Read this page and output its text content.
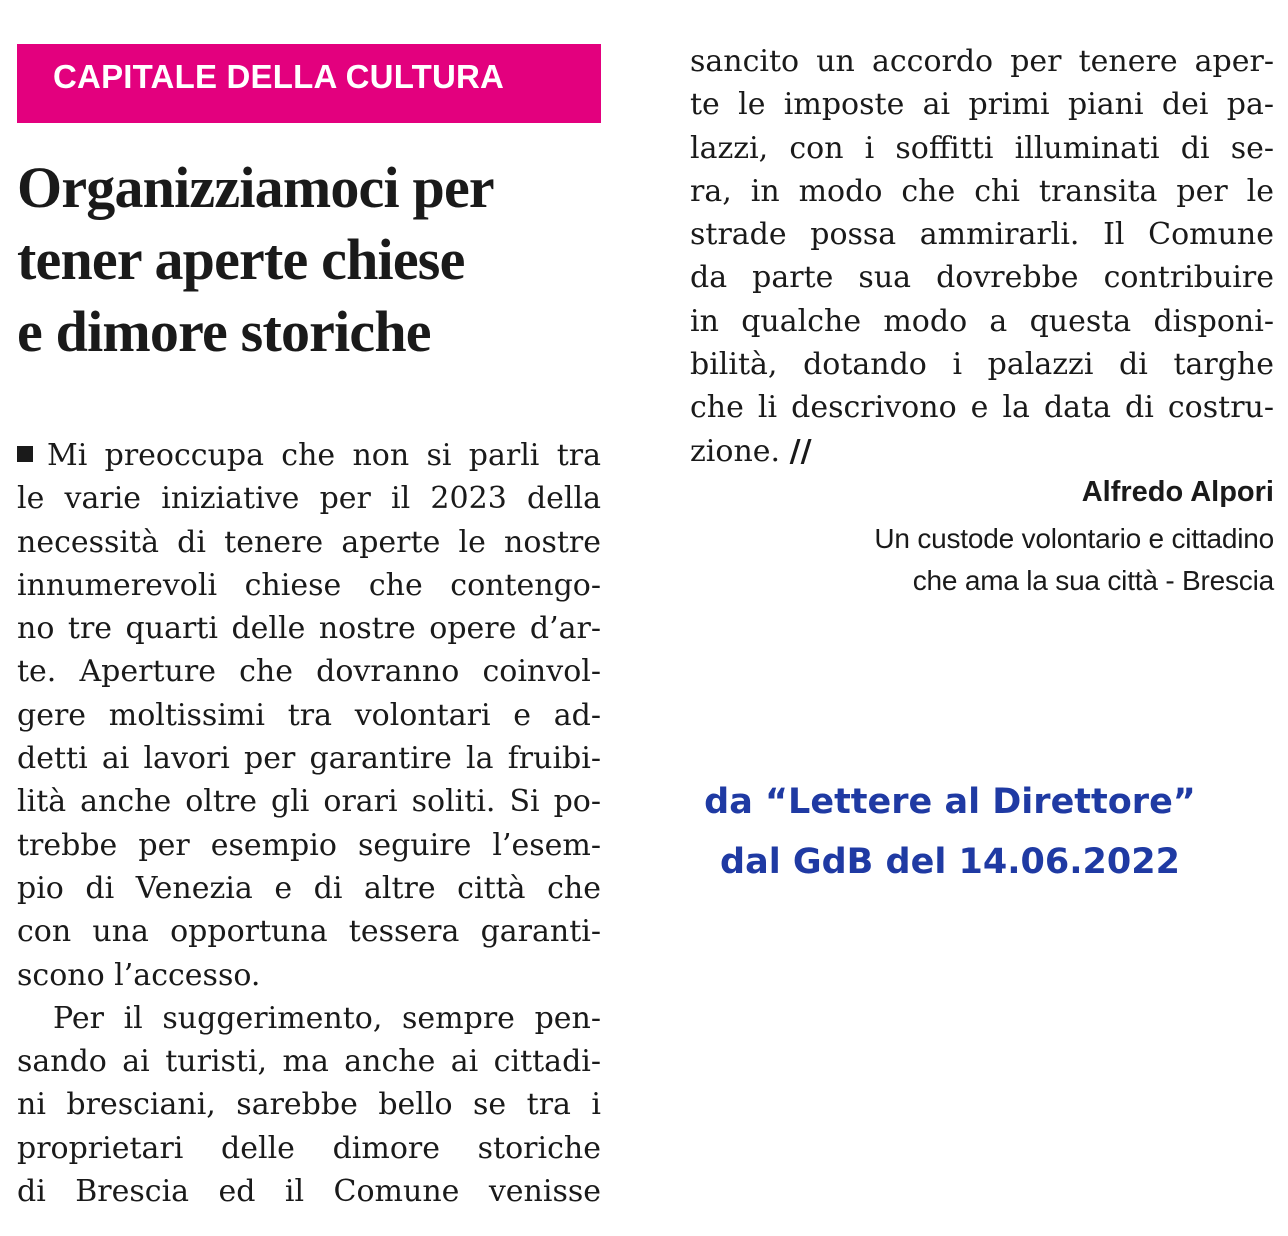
CAPITALE DELLA CULTURA
Organizziamoci per
tener aperte chiese
e dimore storiche
Mi preoccupa che non si parli tra
le varie iniziative per il 2023 della
necessità di tenere aperte le nostre
innumerevoli chiese che contengo-
no tre quarti delle nostre opere d’ar-
te. Aperture che dovranno coinvol-
gere moltissimi tra volontari e ad-
detti ai lavori per garantire la fruibi-
lità anche oltre gli orari soliti. Si po-
trebbe per esempio seguire l’esem-
pio di Venezia e di altre città che
con una opportuna tessera garanti-
scono l’accesso.
Per il suggerimento, sempre pen-
sando ai turisti, ma anche ai cittadi-
ni bresciani, sarebbe bello se tra i
proprietari delle dimore storiche
di Brescia ed il Comune venisse
sancito un accordo per tenere aper-
te le imposte ai primi piani dei pa-
lazzi, con i soffitti illuminati di se-
ra, in modo che chi transita per le
strade possa ammirarli. Il Comune
da parte sua dovrebbe contribuire
in qualche modo a questa disponi-
bilità, dotando i palazzi di targhe
che li descrivono e la data di costru-
zione. //
Alfredo Alpori
Un custode volontario e cittadino
che ama la sua città - Brescia
da “Lettere al Direttore”
dal GdB del 14.06.2022
